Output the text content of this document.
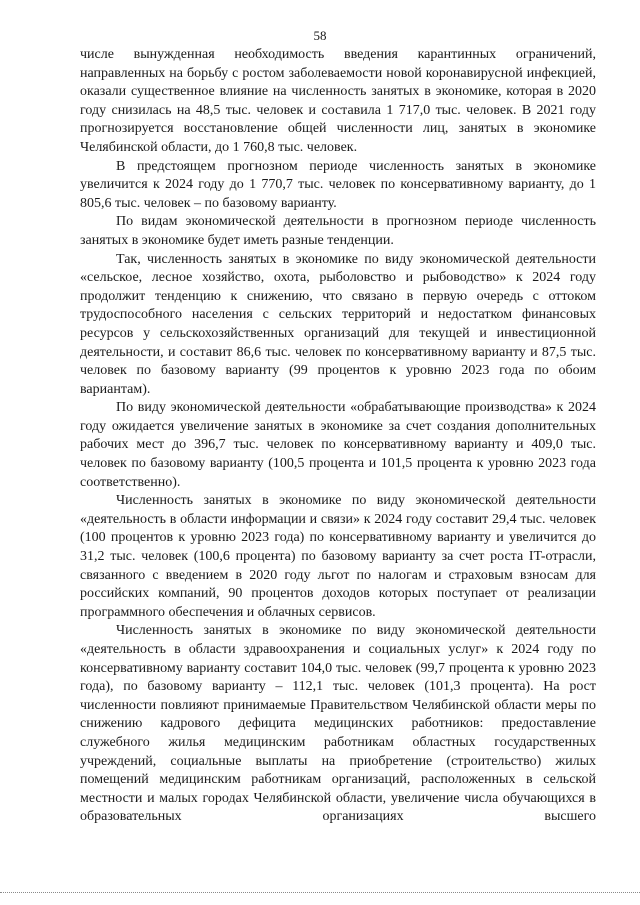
58

числе вынужденная необходимость введения карантинных ограничений, направленных на борьбу с ростом заболеваемости новой коронавирусной инфекцией, оказали существенное влияние на численность занятых в экономике, которая в 2020 году снизилась на 48,5 тыс. человек и составила 1 717,0 тыс. человек. В 2021 году прогнозируется восстановление общей численности лиц, занятых в экономике Челябинской области, до 1 760,8 тыс. человек.

В предстоящем прогнозном периоде численность занятых в экономике увеличится к 2024 году до 1 770,7 тыс. человек по консервативному варианту, до 1 805,6 тыс. человек – по базовому варианту.

По видам экономической деятельности в прогнозном периоде численность занятых в экономике будет иметь разные тенденции.

Так, численность занятых в экономике по виду экономической деятельности «сельское, лесное хозяйство, охота, рыболовство и рыбоводство» к 2024 году продолжит тенденцию к снижению, что связано в первую очередь с оттоком трудоспособного населения с сельских территорий и недостатком финансовых ресурсов у сельскохозяйственных организаций для текущей и инвестиционной деятельности, и составит 86,6 тыс. человек по консервативному варианту и 87,5 тыс. человек по базовому варианту (99 процентов к уровню 2023 года по обоим вариантам).

По виду экономической деятельности «обрабатывающие производства» к 2024 году ожидается увеличение занятых в экономике за счет создания дополнительных рабочих мест до 396,7 тыс. человек по консервативному варианту и 409,0 тыс. человек по базовому варианту (100,5 процента и 101,5 процента к уровню 2023 года соответственно).

Численность занятых в экономике по виду экономической деятельности «деятельность в области информации и связи» к 2024 году составит 29,4 тыс. человек (100 процентов к уровню 2023 года) по консервативному варианту и увеличится до 31,2 тыс. человек (100,6 процента) по базовому варианту за счет роста IT-отрасли, связанного с введением в 2020 году льгот по налогам и страховым взносам для российских компаний, 90 процентов доходов которых поступает от реализации программного обеспечения и облачных сервисов.

Численность занятых в экономике по виду экономической деятельности «деятельность в области здравоохранения и социальных услуг» к 2024 году по консервативному варианту составит 104,0 тыс. человек (99,7 процента к уровню 2023 года), по базовому варианту – 112,1 тыс. человек (101,3 процента). На рост численности повлияют принимаемые Правительством Челябинской области меры по снижению кадрового дефицита медицинских работников: предоставление служебного жилья медицинским работникам областных государственных учреждений, социальные выплаты на приобретение (строительство) жилых помещений медицинским работникам организаций, расположенных в сельской местности и малых городах Челябинской области, увеличение числа обучающихся в образовательных организациях высшего
